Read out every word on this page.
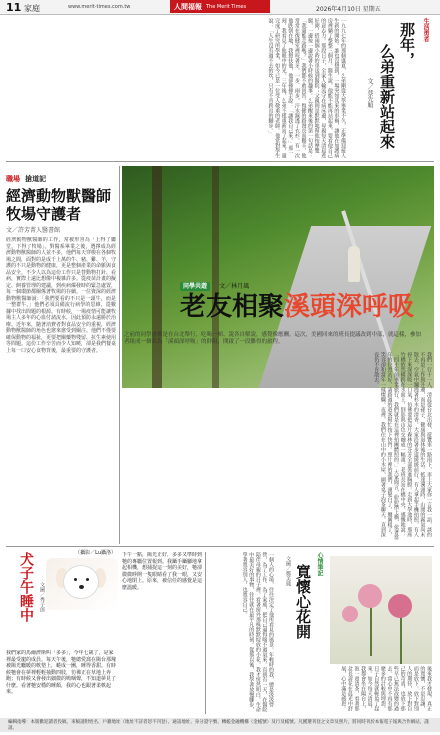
11 家庭	www.merit-times.com.tw	人間福報 The Merit Times	2026年4月10日 星期五
一九九七年的那個盛夏，么弟剛從大學畢業不久，正準備迎接人生新的開始。誰也沒想到，一場突如其來的車禍，讓他在加護病房裡躺了整整三個月。醫生說，他能不能再站起來，要看他自己的意志力。那段日子，全家人輪流守在病床邊，母親每天清晨煮好粥，搭兩個小時的車送到醫院；父親則是默默地幫他按摩雙腿，一邊按一邊說著小時候的趣事。么弟醒來後的第一句話是：「我還能走路嗎？」我們都不敢回答。復健的路漫長而艱辛，他常常在復健室裡咬著牙，一步、兩步，汗水濕透了衣衫。有一次他跌倒在地，我想扶他，他卻揮揮手說：「讓我自己來。」那一刻，我看見了他眼中的光。三年後，么弟不僅重新站了起來，還完成了研究所學業，如今已是一位受人敬重的老師。他常對學生說：「人生沒有過不去的坎，只有不肯跨出的腳步。」	生活勇者
那年，
么弟重新站起來
文／蔡先順
職場 搶道記
經濟動物獸醫師 牧場守護者
文／許芳菁人醫書館
經濟動物獸醫師的工作，常被形容為「上得了廳堂，下得了牧場」。對醫系畢業之後，選擇成為經濟動物獸醫師的人並不多，他們每天穿梭在各個牧場之間，面對的是成千上萬的牛、豬、雞、羊，守護的不只是動物的健康，更是整個產業的命脈與食品安全。不少人以為這份工作只是替動物打針、看病，實際上遠比想像中複雜許多。從疫苗計畫的擬定、飼養管理的建議，到疾病爆發時的緊急處置，每一個環節都關係著牧場的存續。一位資深的經濟動物獸醫師說：「我們要看的不只是一頭牛，而是一整群牛。」他們必須具備流行病學的思維，從數據中找出問題的根源。有時候，一場疫情可能讓牧場主人多年的心血付諸流水，因此預防永遠勝於治療。近年來，隨著消費者對食品安全的重視，經濟動物獸醫師的角色也愈來愈受到關注。他們不僅要確保動物的福祉，更要把關藥物殘留、抗生素使用等問題。這份工作辛苦而少人知曉，卻是我們餐桌上每一口安心食物背後，最重要的守護者。
（攝影／Lu攝洛）
同學共遊 文／林月風
老友相聚溪頭深呼吸
之前的同學會都是在台北舉行，吃喝一頓、說各自解說，感覺像應酬。這次，美國回來的班長提議改到中部，就這樣，參加者組成一個名為「溪頭深呼吸」的群組，開啟了一段難得的旅程。
我們一行十一人，清晨從台北出發，遊覽車一路南下，車上大家你一言我一語，談的不再是工作與升遷，而是孫子、健康與退休後的生活。抵達溪頭時，山間的霧氣尚未散去，空氣中瀰漫著杉木的清香。大家沿著步道緩緩前行，有人拿起手機拍照，有人停下來深深吸一口氣，彷彿要把這片森林的芬芳全部裝進胸膛。走到大學池時，那座竹橋依然橫跨在水面上，倒影與山色交融成一幅畫。老班長站在橋中央，感慨地說：「四十年前畢業旅行，我們就是在這裡拍團體照的。」大家聞言，紛紛擠上橋，依著當年的位置站好，請路過的遊客幫忙按下快門。照片裡的我們，頭髮白了，腰圍粗了，笑容卻和當年一樣燦爛。夜裡，我們住在山中的小木屋，圍著桌子泡茶聊天，直到深夜仍不肯散去。
犬子午睡中	文圖／秀子郎
我們家的馬爾濟斯叫「多多」，今年七歲了，是家裡最受寵的成員。每天午後，牠總愛窩在陽台那塊被陽光曬暖的軟墊上，蜷成一團，睡得香甜。有時候牠會在夢裡輕輕抽動四肢，彷彿正在草地上奔跑；有時候又會發出細微的嗚咽聲，不知道夢見了什麼。看著牠安穩的睡顏，我的心也跟著柔軟起來。
下午一點，陽光正好，多多又準時到牠的專屬位置報到。我躡手躡腳地拿起相機，想捕捉這一刻的美好，牠卻微微睜開一隻眼睛看了我一眼，又安心地閉上。原來，被信任的感覺是這麼溫暖。
心情筆記
寬懷心花開
文圖／鄭美鳳
一個人的心境，往往決定了他所看見的風景。年輕時的我，總是汲汲營營，為了工作、為了家庭，把自己逼得喘不過氣來。直到有一天，在醫院陪伴母親的日子裡，看著窗外那株默默綻放的小花，我才恍然明白，生命中最美好的事物，往往就在最平凡的時刻。從那以後，我學著放慢腳步，學著寬容別人，也寬容自己。
後來我才發現，真正的寬懷，不是忍讓，而是放下。放下對別人的期待，放下對自己的苛責，也放下那些早已無法改變的過去。當心中不再有那麼多的計較與埋怨，日子自然就輕盈了起來。如今每天清晨，我都會坐在陽台上，泡一壺清茶，看著那盆長壽花在晨光中舒展，心中滿是感恩。
編輯指導：本版歡迎讀者投稿，來稿請附姓名、戶籍地址（地址不詳者恕不刊登）、通訊地址、身分證字號、轉帳金融機構（金帳號）及行及帳號。凡獲選刊登之文章及照片，將同時刊於本報電子報與合作網站，謹請。
